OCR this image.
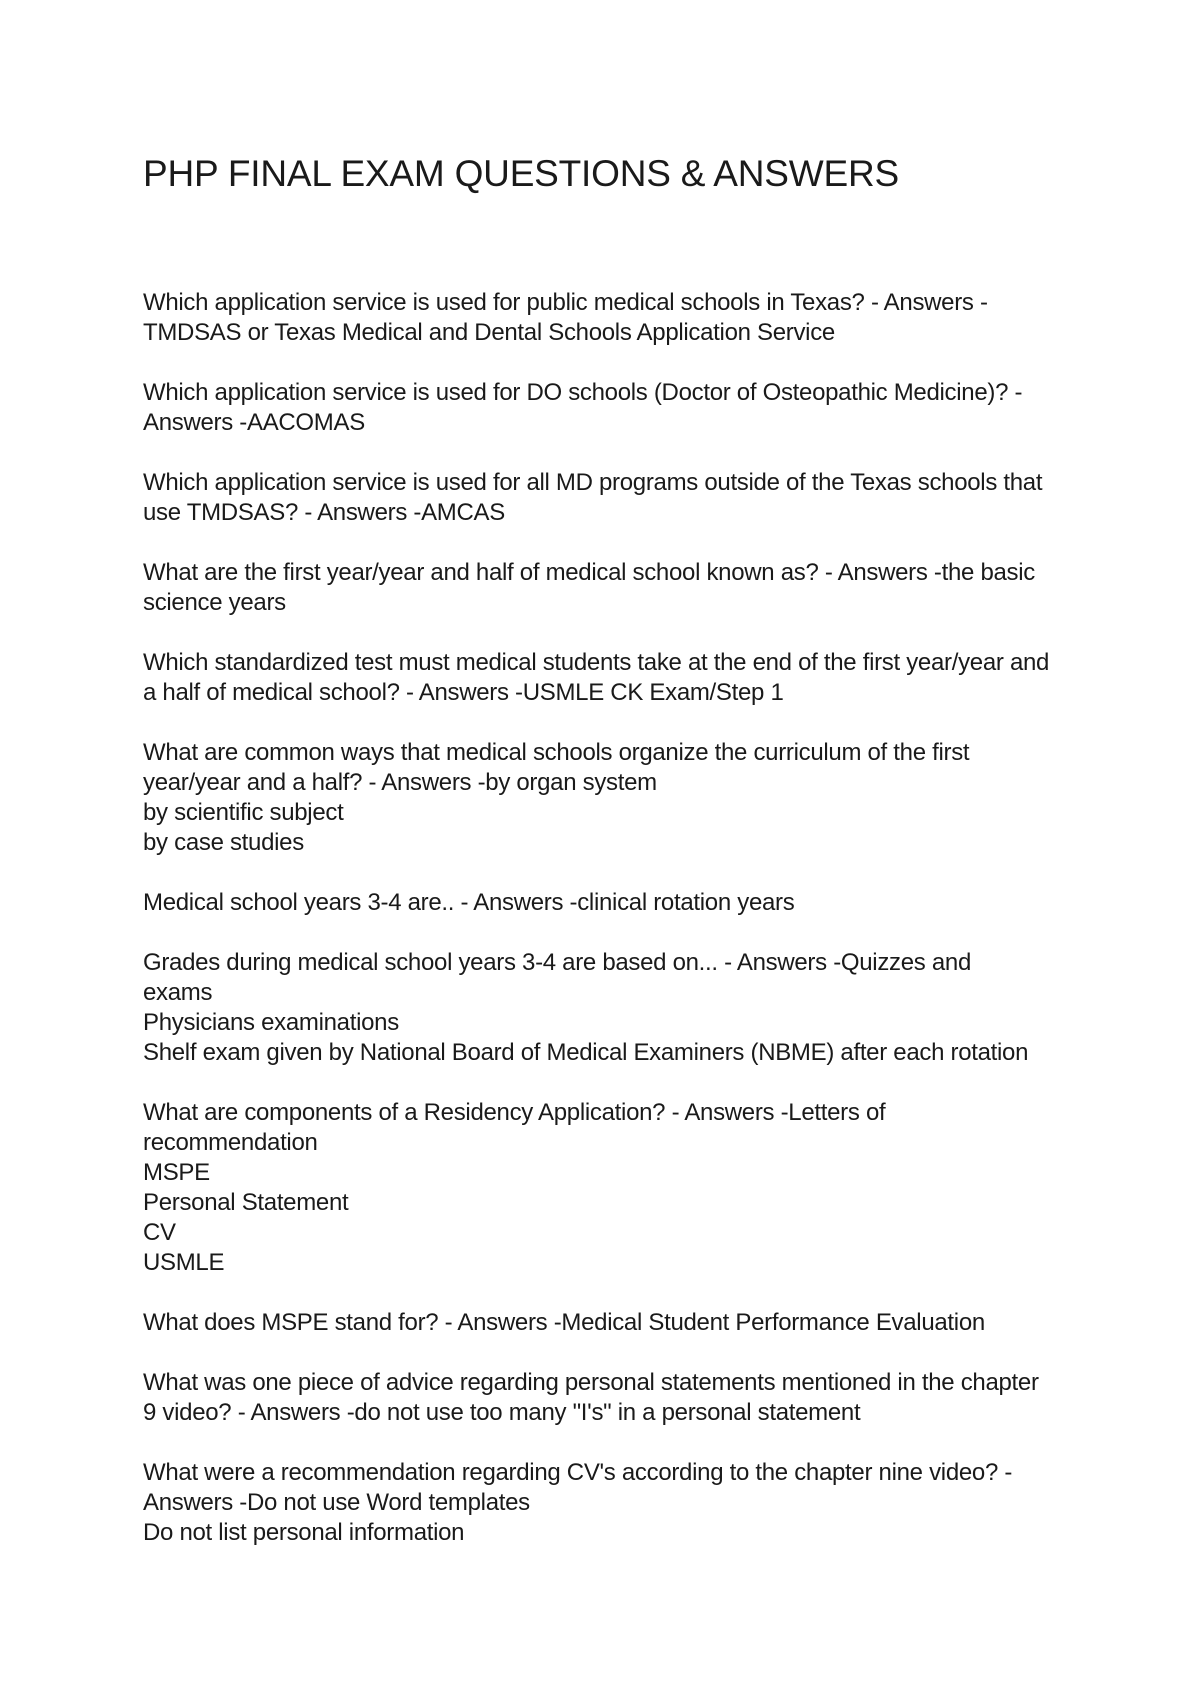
PHP FINAL EXAM QUESTIONS & ANSWERS

Which application service is used for public medical schools in Texas? - Answers -
TMDSAS or Texas Medical and Dental Schools Application Service

Which application service is used for DO schools (Doctor of Osteopathic Medicine)? -
Answers -AACOMAS

Which application service is used for all MD programs outside of the Texas schools that
use TMDSAS? - Answers -AMCAS

What are the first year/year and half of medical school known as? - Answers -the basic
science years

Which standardized test must medical students take at the end of the first year/year and
a half of medical school? - Answers -USMLE CK Exam/Step 1

What are common ways that medical schools organize the curriculum of the first
year/year and a half? - Answers -by organ system
by scientific subject
by case studies

Medical school years 3-4 are.. - Answers -clinical rotation years

Grades during medical school years 3-4 are based on... - Answers -Quizzes and
exams
Physicians examinations
Shelf exam given by National Board of Medical Examiners (NBME) after each rotation

What are components of a Residency Application? - Answers -Letters of
recommendation
MSPE
Personal Statement
CV
USMLE

What does MSPE stand for? - Answers -Medical Student Performance Evaluation

What was one piece of advice regarding personal statements mentioned in the chapter
9 video? - Answers -do not use too many "I's" in a personal statement

What were a recommendation regarding CV's according to the chapter nine video? -
Answers -Do not use Word templates
Do not list personal information
